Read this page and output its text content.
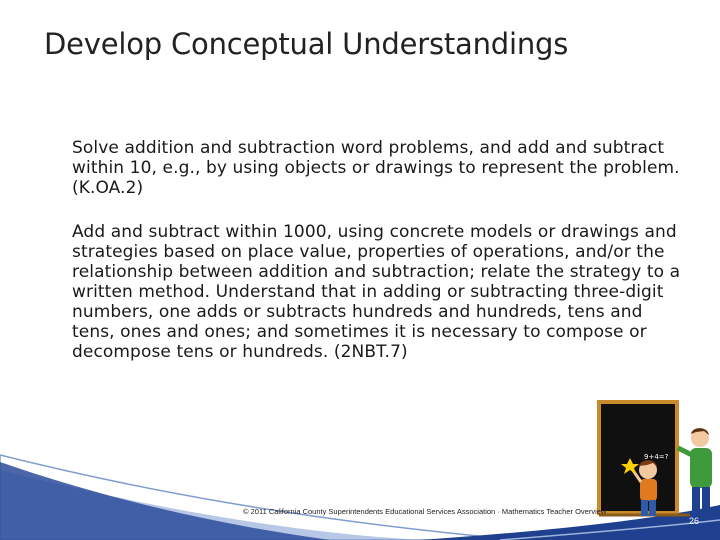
Develop Conceptual Understandings
Solve addition and subtraction word problems, and add and subtract within 10, e.g., by using objects or drawings to represent the problem. (K.OA.2)
Add and subtract within 1000, using concrete models or drawings and strategies based on place value, properties of operations, and/or the relationship between addition and subtraction; relate the strategy to a written method. Understand that in adding or subtracting three-digit numbers, one adds or subtracts hundreds and hundreds, tens and tens, ones and ones; and sometimes it is necessary to compose or decompose tens or hundreds. (2NBT.7)
9+4=?
© 2011 California County Superintendents Educational Services Association · Mathematics Teacher Overview
26
